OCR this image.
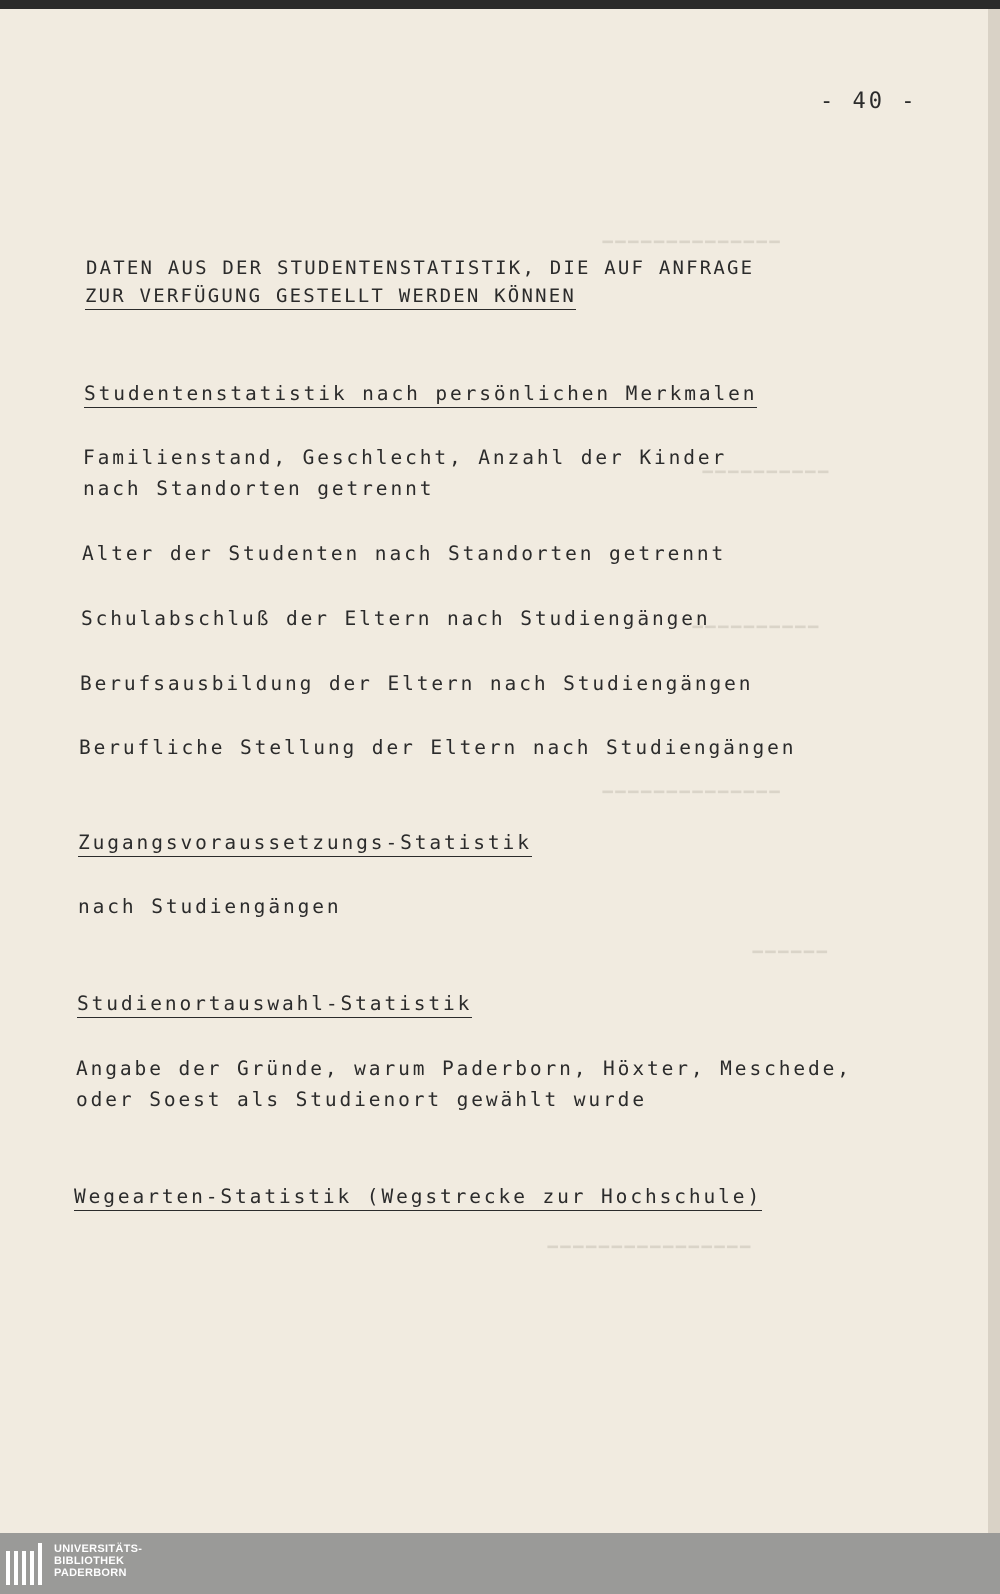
▁▁▁▁▁▁▁▁▁▁▁▁▁▁
▁▁▁▁▁▁▁▁▁▁
▁▁▁▁▁▁▁▁▁▁
▁▁▁▁▁▁▁▁▁▁▁▁▁▁
▁▁▁▁▁▁
▁▁▁▁▁▁▁▁▁▁▁▁▁▁▁▁
- 40 -
DATEN AUS DER STUDENTENSTATISTIK, DIE AUF ANFRAGE
ZUR VERFÜGUNG GESTELLT WERDEN KÖNNEN
Studentenstatistik nach persönlichen Merkmalen
Familienstand, Geschlecht, Anzahl der Kinder
nach Standorten getrennt
Alter der Studenten nach Standorten getrennt
Schulabschluß der Eltern nach Studiengängen
Berufsausbildung der Eltern nach Studiengängen
Berufliche Stellung der Eltern nach Studiengängen
Zugangsvoraussetzungs-Statistik
nach Studiengängen
Studienortauswahl-Statistik
Angabe der Gründe, warum Paderborn, Höxter, Meschede,
oder Soest als Studienort gewählt wurde
Wegearten-Statistik (Wegstrecke zur Hochschule)
UNIVERSITÄTS-
BIBLIOTHEK
PADERBORN
